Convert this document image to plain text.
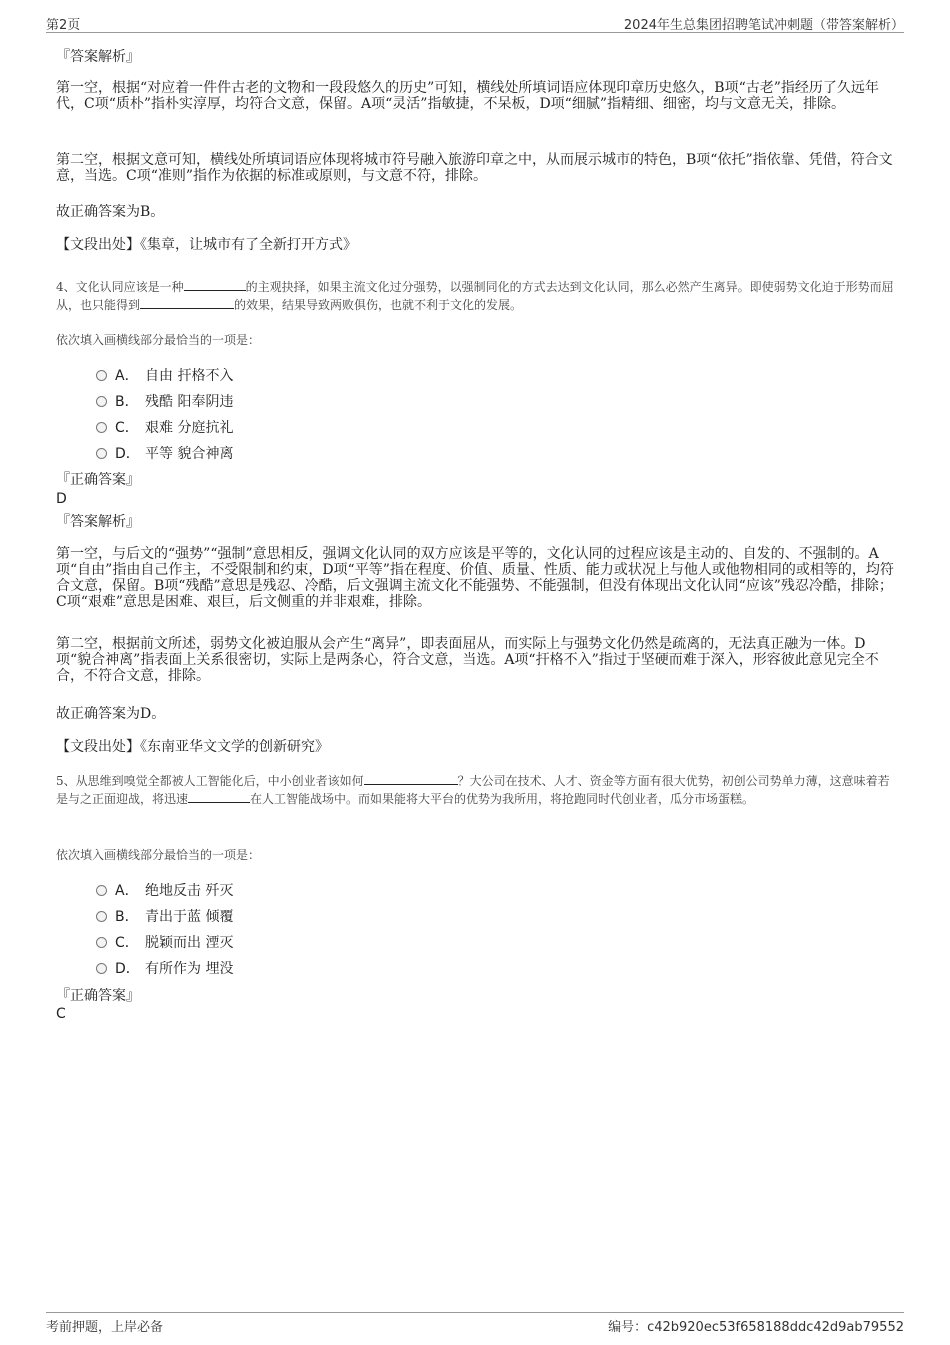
第2页	2024年生总集团招聘笔试冲刺题（带答案解析）
『答案解析』

第一空，根据“对应着一件件古老的文物和一段段悠久的历史”可知，横线处所填词语应体现印章历史悠久，B项“古老”指经历了久远年代，C项“质朴”指朴实淳厚，均符合文意，保留。A项“灵活”指敏捷，不呆板，D项“细腻”指精细、细密，均与文意无关，排除。

第二空，根据文意可知，横线处所填词语应体现将城市符号融入旅游印章之中，从而展示城市的特色，B项“依托”指依靠、凭借，符合文意，当选。C项“准则”指作为依据的标准或原则，与文意不符，排除。

故正确答案为B。
【文段出处】《集章，让城市有了全新打开方式》

4、文化认同应该是一种	的主观抉择，如果主流文化过分强势，以强制同化的方式去达到文化认同，那么必然产生离异。即使弱势文化迫于形势而屈从，也只能得到	的效果，结果导致两败俱伤，也就不利于文化的发展。

依次填入画横线部分最恰当的一项是：
A． 自由 扞格不入
B． 残酷 阳奉阴违
C． 艰难 分庭抗礼
D． 平等 貌合神离
『正确答案』
D
『答案解析』

第一空，与后文的“强势”“强制”意思相反，强调文化认同的双方应该是平等的，文化认同的过程应该是主动的、自发的、不强制的。A项“自由”指由自己作主，不受限制和约束，D项“平等”指在程度、价值、质量、性质、能力或状况上与他人或他物相同的或相等的，均符合文意，保留。B项“残酷”意思是残忍、冷酷，后文强调主流文化不能强势、不能强制，但没有体现出文化认同“应该”残忍冷酷，排除；C项“艰难”意思是困难、艰巨，后文侧重的并非艰难，排除。

第二空，根据前文所述，弱势文化被迫服从会产生“离异”，即表面屈从，而实际上与强势文化仍然是疏离的，无法真正融为一体。D项“貌合神离”指表面上关系很密切，实际上是两条心，符合文意，当选。A项“扞格不入”指过于坚硬而难于深入，形容彼此意见完全不合，不符合文意，排除。

故正确答案为D。
【文段出处】《东南亚华文文学的创新研究》

5、从思维到嗅觉全都被人工智能化后，中小创业者该如何	？大公司在技术、人才、资金等方面有很大优势，初创公司势单力薄，这意味着若是与之正面迎战，将迅速	在人工智能战场中。而如果能将大平台的优势为我所用，将抢跑同时代创业者，瓜分市场蛋糕。

依次填入画横线部分最恰当的一项是：
A． 绝地反击 歼灭
B． 青出于蓝 倾覆
C． 脱颖而出 湮灭
D． 有所作为 埋没
『正确答案』
C
考前押题，上岸必备	编号：c42b920ec53f658188ddc42d9ab79552
